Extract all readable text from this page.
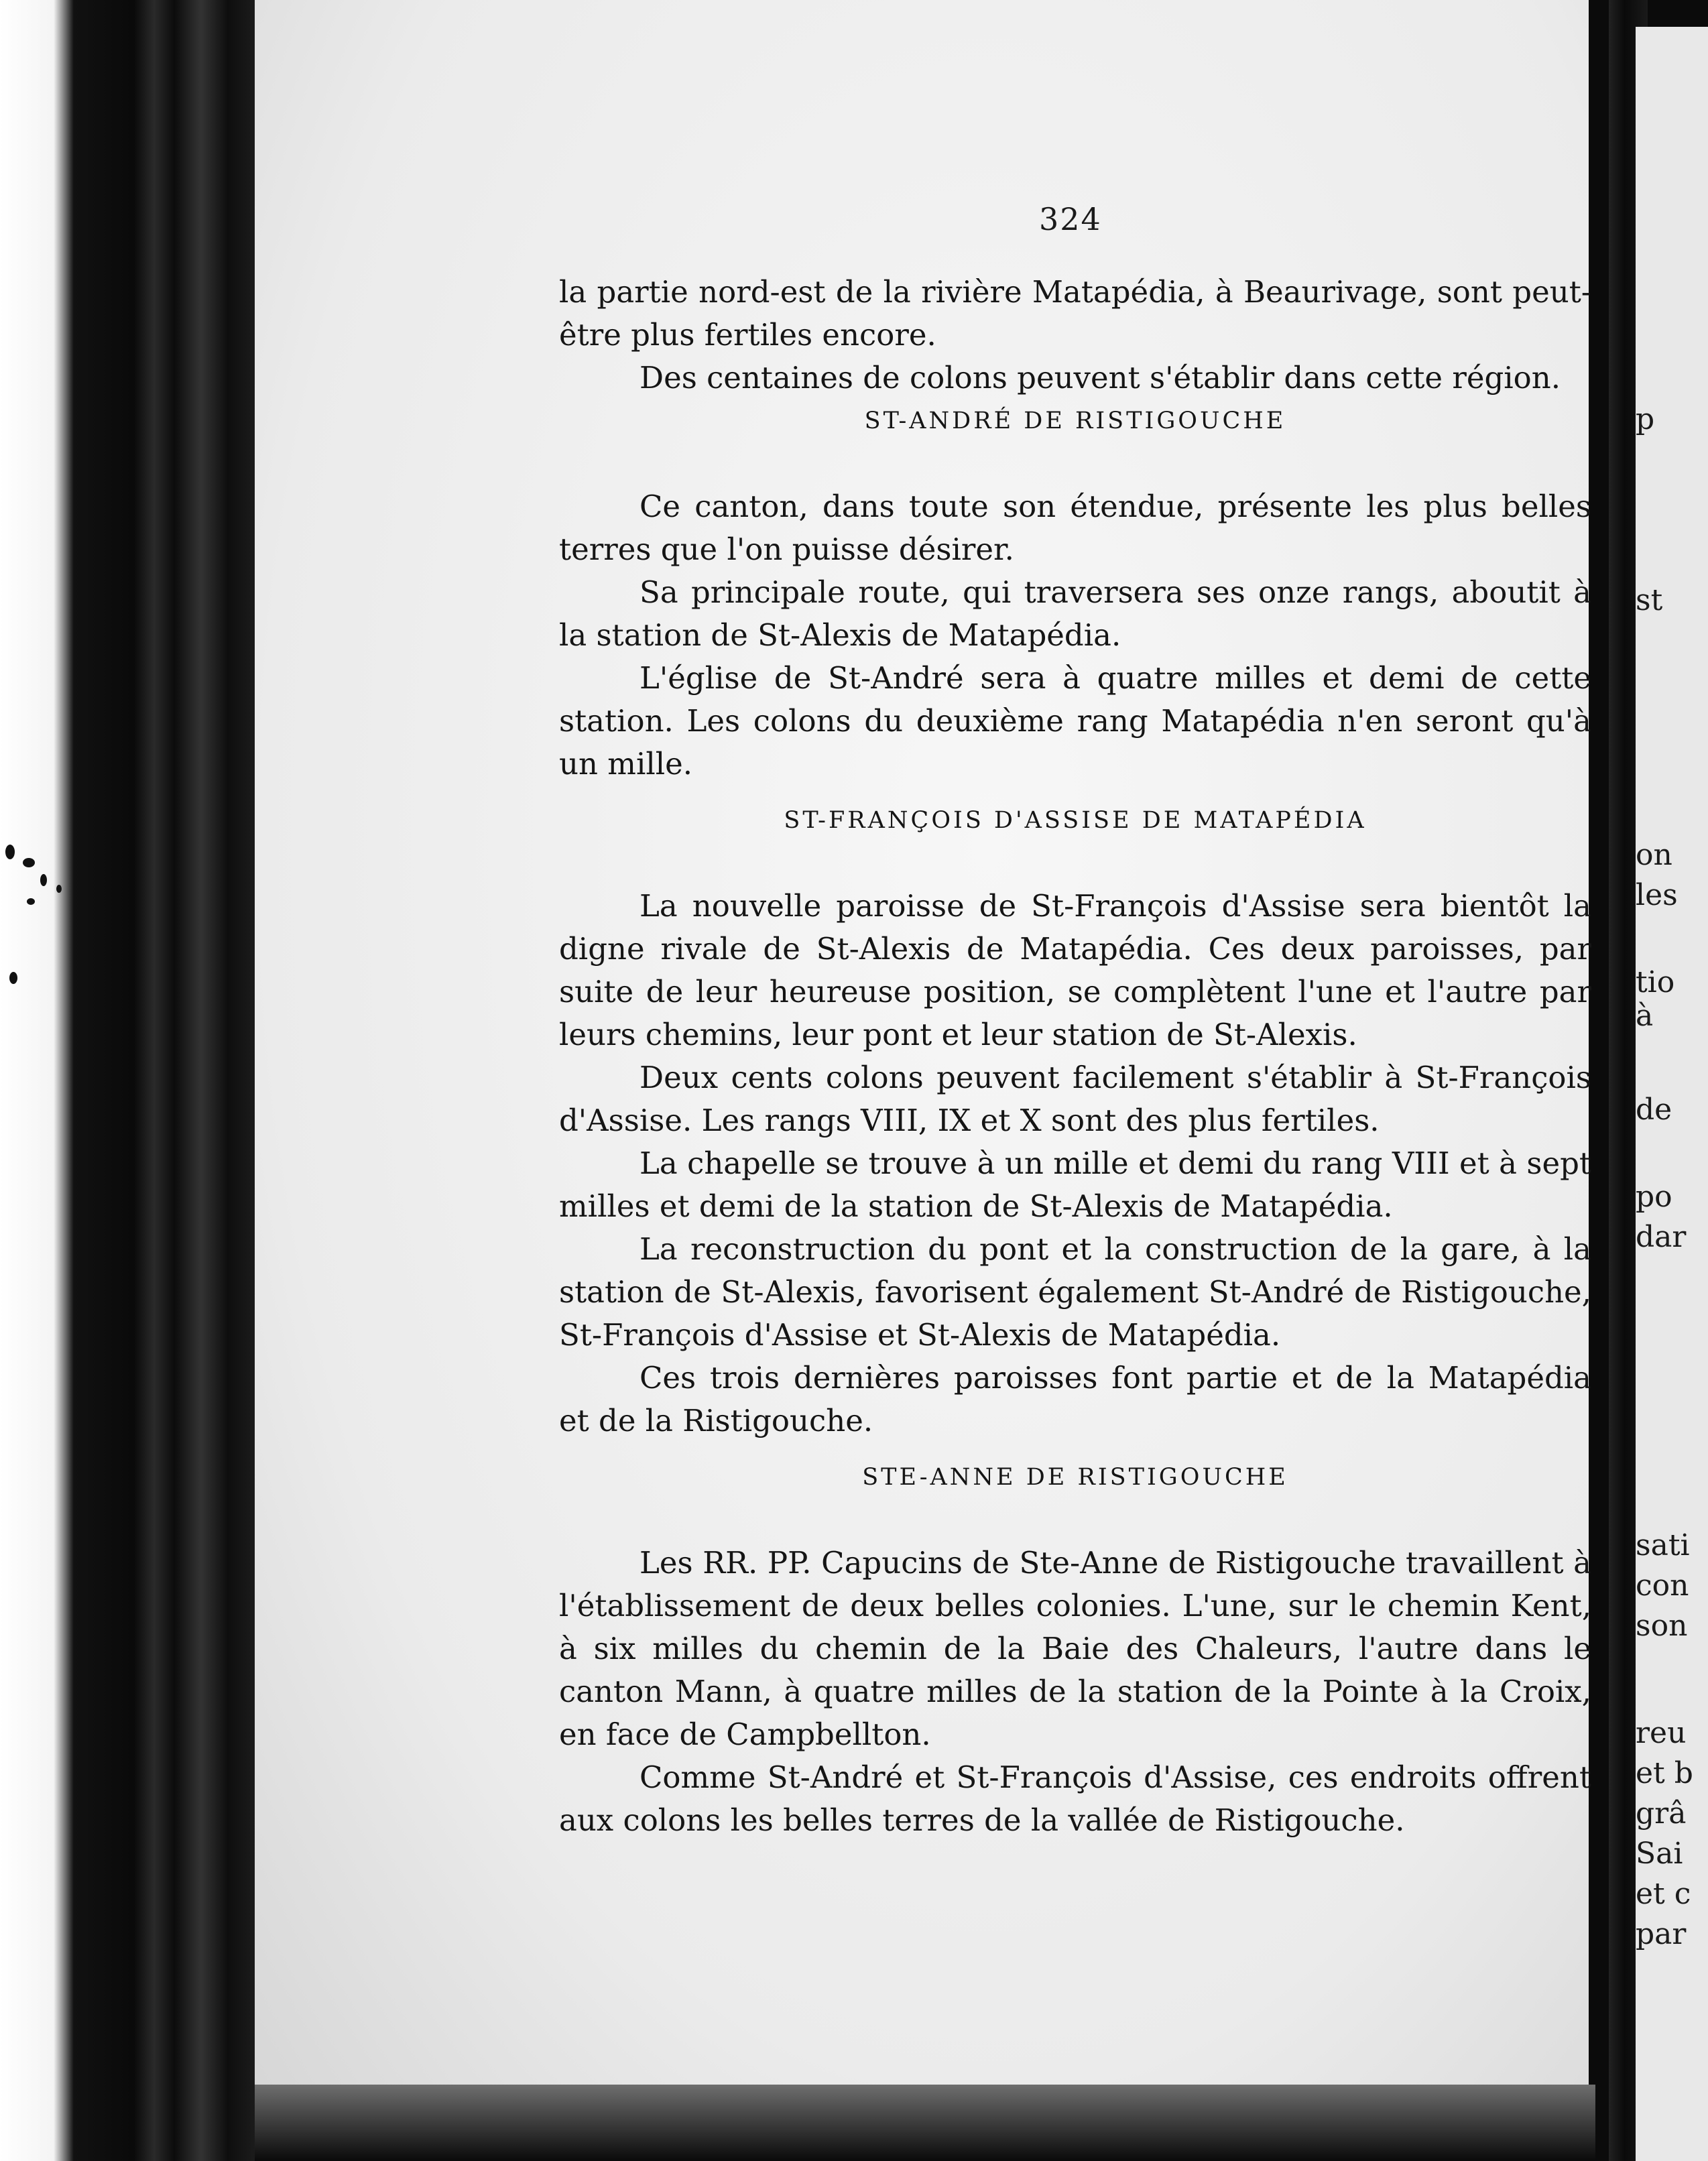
p
st
on
les
tio
à
de
po
dar
sati
con
son
reu
et b
grâ
Sai
et c
par
324

la partie nord-est de la rivière Matapédia, à Beaurivage, sont peut-être plus fertiles encore.

Des centaines de colons peuvent s'établir dans cette région.

ST-ANDRÉ DE RISTIGOUCHE

Ce canton, dans toute son étendue, présente les plus belles terres que l'on puisse désirer.

Sa principale route, qui traversera ses onze rangs, aboutit à la station de St-Alexis de Matapédia.

L'église de St-André sera à quatre milles et demi de cette station. Les colons du deuxième rang Matapédia n'en seront qu'à un mille.

ST-FRANÇOIS D'ASSISE DE MATAPÉDIA

La nouvelle paroisse de St-François d'Assise sera bientôt la digne rivale de St-Alexis de Matapédia. Ces deux paroisses, par suite de leur heureuse position, se complètent l'une et l'autre par leurs chemins, leur pont et leur station de St-Alexis.

Deux cents colons peuvent facilement s'établir à St-François d'Assise. Les rangs VIII, IX et X sont des plus fertiles.

La chapelle se trouve à un mille et demi du rang VIII et à sept milles et demi de la station de St-Alexis de Matapédia.

La reconstruction du pont et la construction de la gare, à la station de St-Alexis, favorisent également St-André de Ristigouche, St-François d'Assise et St-Alexis de Matapédia.

Ces trois dernières paroisses font partie et de la Matapédia et de la Ristigouche.

STE-ANNE DE RISTIGOUCHE

Les RR. PP. Capucins de Ste-Anne de Ristigouche travaillent à l'établissement de deux belles colonies. L'une, sur le chemin Kent, à six milles du chemin de la Baie des Chaleurs, l'autre dans le canton Mann, à quatre milles de la station de la Pointe à la Croix, en face de Campbellton.

Comme St-André et St-François d'Assise, ces endroits offrent aux colons les belles terres de la vallée de Ristigouche.
